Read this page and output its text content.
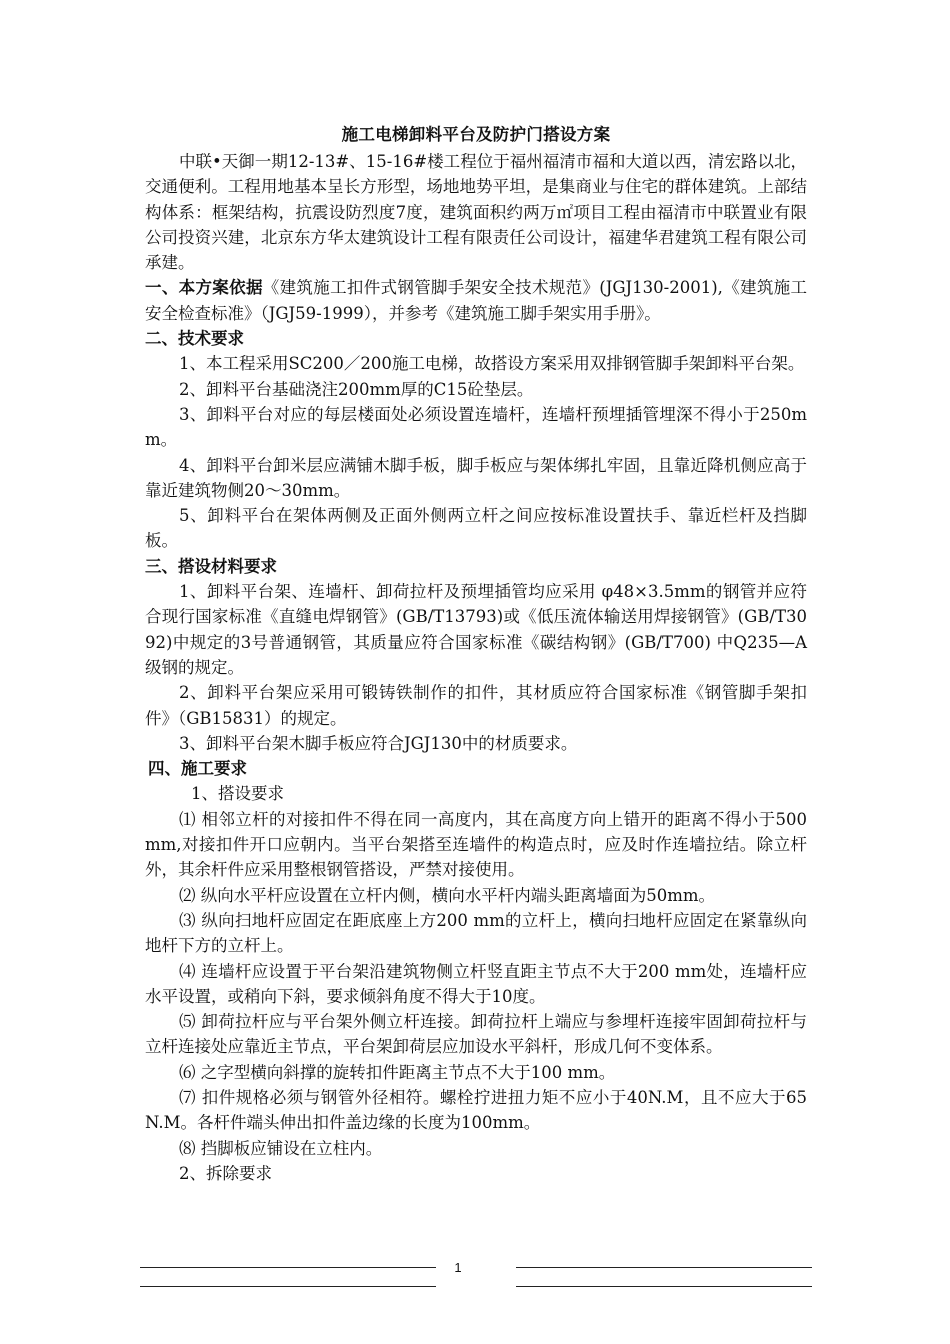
施工电梯卸料平台及防护门搭设方案

中联•天御一期12-13#、15-16#楼工程位于福州福清市福和大道以西，清宏路以北，交通便利。工程用地基本呈长方形型，场地地势平坦，是集商业与住宅的群体建筑。上部结构体系：框架结构，抗震设防烈度7度，建筑面积约两万㎡项目工程由福清市中联置业有限公司投资兴建，北京东方华太建筑设计工程有限责任公司设计，福建华君建筑工程有限公司承建。

一、本方案依据《建筑施工扣件式钢管脚手架安全技术规范》(JGJ130-2001),《建筑施工安全检查标准》（JGJ59-1999），并参考《建筑施工脚手架实用手册》。

二、技术要求

1、本工程采用SC200／200施工电梯，故搭设方案采用双排钢管脚手架卸料平台架。

2、卸料平台基础浇注200mm厚的C15砼垫层。

3、卸料平台对应的每层楼面处必须设置连墙杆，连墙杆预埋插管埋深不得小于250mm。

4、卸料平台卸米层应满铺木脚手板，脚手板应与架体绑扎牢固，且靠近降机侧应高于靠近建筑物侧20～30mm。

5、卸料平台在架体两侧及正面外侧两立杆之间应按标准设置扶手、靠近栏杆及挡脚板。

三、搭设材料要求

1、卸料平台架、连墙杆、卸荷拉杆及预埋插管均应采用 φ48×3.5mm的钢管并应符合现行国家标准《直缝电焊钢管》(GB/T13793)或《低压流体输送用焊接钢管》(GB/T3092)中规定的3号普通钢管，其质量应符合国家标准《碳结构钢》(GB/T700) 中Q235—A级钢的规定。

2、卸料平台架应采用可锻铸铁制作的扣件，其材质应符合国家标准《钢管脚手架扣件》（GB15831）的规定。

3、卸料平台架木脚手板应符合JGJ130中的材质要求。

四、施工要求

1、搭设要求

⑴ 相邻立杆的对接扣件不得在同一高度内，其在高度方向上错开的距离不得小于500mm,对接扣件开口应朝内。当平台架搭至连墙件的构造点时，应及时作连墙拉结。除立杆外，其余杆件应采用整根钢管搭设，严禁对接使用。

⑵ 纵向水平杆应设置在立杆内侧，横向水平杆内端头距离墙面为50mm。

⑶ 纵向扫地杆应固定在距底座上方200 mm的立杆上，横向扫地杆应固定在紧靠纵向地杆下方的立杆上。

⑷ 连墙杆应设置于平台架沿建筑物侧立杆竖直距主节点不大于200 mm处，连墙杆应水平设置，或稍向下斜，要求倾斜角度不得大于10度。

⑸ 卸荷拉杆应与平台架外侧立杆连接。卸荷拉杆上端应与参埋杆连接牢固卸荷拉杆与立杆连接处应靠近主节点，平台架卸荷层应加设水平斜杆，形成几何不变体系。

⑹ 之字型横向斜撑的旋转扣件距离主节点不大于100 mm。

⑺ 扣件规格必须与钢管外径相符。螺栓拧进扭力矩不应小于40N.M，且不应大于65N.M。各杆件端头伸出扣件盖边缘的长度为100mm。

⑻ 挡脚板应铺设在立柱内。

2、拆除要求

1
